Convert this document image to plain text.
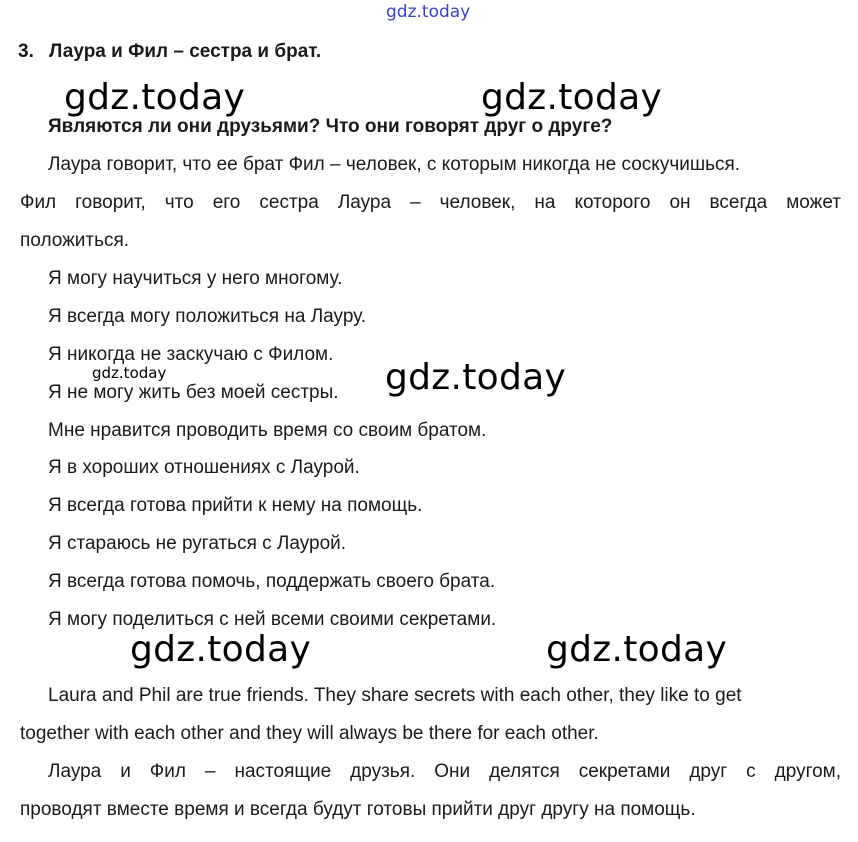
gdz.today
3. Лаура и Фил – сестра и брат.
gdz.today	gdz.today
Являются ли они друзьями? Что они говорят друг о друге?
Лаура говорит, что ее брат Фил – человек, с которым никогда не соскучишься.
Фил говорит, что его сестра Лаура – человек, на которого он всегда может
положиться.
Я могу научиться у него многому.
Я всегда могу положиться на Лауру.
Я никогда не заскучаю с Филом.
gdz.today
Я не могу жить без моей сестры. gdz.today
Мне нравится проводить время со своим братом.
Я в хороших отношениях с Лаурой.
Я всегда готова прийти к нему на помощь.
Я стараюсь не ругаться с Лаурой.
Я всегда готова помочь, поддержать своего брата.
Я могу поделиться с ней всеми своими секретами.
gdz.today	gdz.today
Laura and Phil are true friends. They share secrets with each other, they like to get
together with each other and they will always be there for each other.
Лаура и Фил – настоящие друзья. Они делятся секретами друг с другом,
проводят вместе время и всегда будут готовы прийти друг другу на помощь.
